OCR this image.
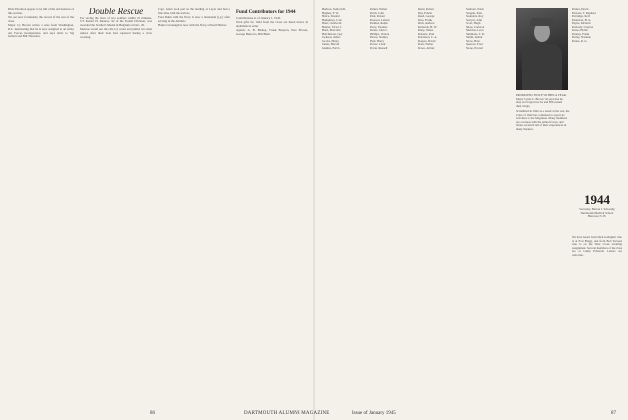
Dick Thornton appear to be full of the old nuances of this section.

We see now fortunately the record of the rest of the class.

Major Cy Brown writes a note from Washington, D.C. mentioning that he is now assigned to an Army Air Forces headquarters, and says hello to Sig Gilbert and Bill Thornton.

Double Rescue

For saving the lives of two soldiers within 25 minutes, T/3 Robert H. Monroe '42 of the Fourth Division, was awarded the Soldier's Medal in Belgium on Dec. 20.

Monroe swam out into the icy water and pulled two men ashore after their boat had capsized during a river crossing.

Capt. Giazi took part in the landing at Leyte and had a fine time with the natives.

Fred Dunn with the Navy is now a lieutenant (j.g.) after serving in the Atlantic.

Hank Cavanaugh is now with the Navy at Pearl Harbor.

Fund Contributors for 1944

Contributions as of January 1, 1945.

Total gifts for 1944 from the Class are listed below in alphabetical order.

Agents: A. B. Bishop, Frank Brayton, Pete Brown, George Burrows, Bill Bush.

Hudson, Sanford R.
Hughes, F. W.
Hulce, Donald
Humphrey, Cole
Hunt, Charles R.
Hunter, Victor J.
Hurd, Malcolm
Hutchinson, Guy
Jackson, Albert
Jacobs, Henry
James, Harold
Jenkins, Earl L.
Parker, Walter
Patch, John
Paul, Robert
Pearson, Leland
Perkins, Ralph
Perry, Thomas
Peters, John C.
Phillips, Vernon
Pierce, Stanley
Platt, Harry
Porter, Clark
Potter, Russell
Rand, Robert
Ray, Edwin
Reed, George
Rice, Frank
Rich, Andrew
Richards, H. W.
Riley, James
Roberts, Paul
Robinson, C. A.
Rogers, David
Ross, Walter
Rowe, Arthur
Sanborn, Earle
Sargent, Paul
Saunders, Roy
Sawyer, John
Scott, Hugh
Shaw, Carleton
Sheldon, Leon
Simmons, T. R.
Smith, Arthur
Snow, Hale
Spencer, Fred
Stone, Everett
PROMOTED TWICE WITHIN A YEAR, Major Cyrus C. Brown '42 says that he may not forget how he and Bill earned their wings.

Scrambled in 1942 as a result of the war, the Class of 1942 has continued to report its activities to the Magazine. Many members are overseas with the armed forces, and letters received tell of their experiences in many theaters.

Parker, Paul L.
Parsons, T. Raphael
Partridge, Rolf
Patterson, H. A.
Payne, Richard
Peabody, Clayton
Pease, Hollis
Penney, Frank
Perley, Norman
Pettee, R. G.
1944
Secretary, Berton J. Schoenig
Dartmouth Medical School
Hanover, N. H.

We have heard from Dick Gallagher who is at Fort Bragg, and from Bob Stevens who is on the West Coast awaiting assignment. Several members of the class are at Camp Edwards. Letters are welcome.

86	DARTMOUTH ALUMNI MAGAZINE	Issue of January 1945	87
